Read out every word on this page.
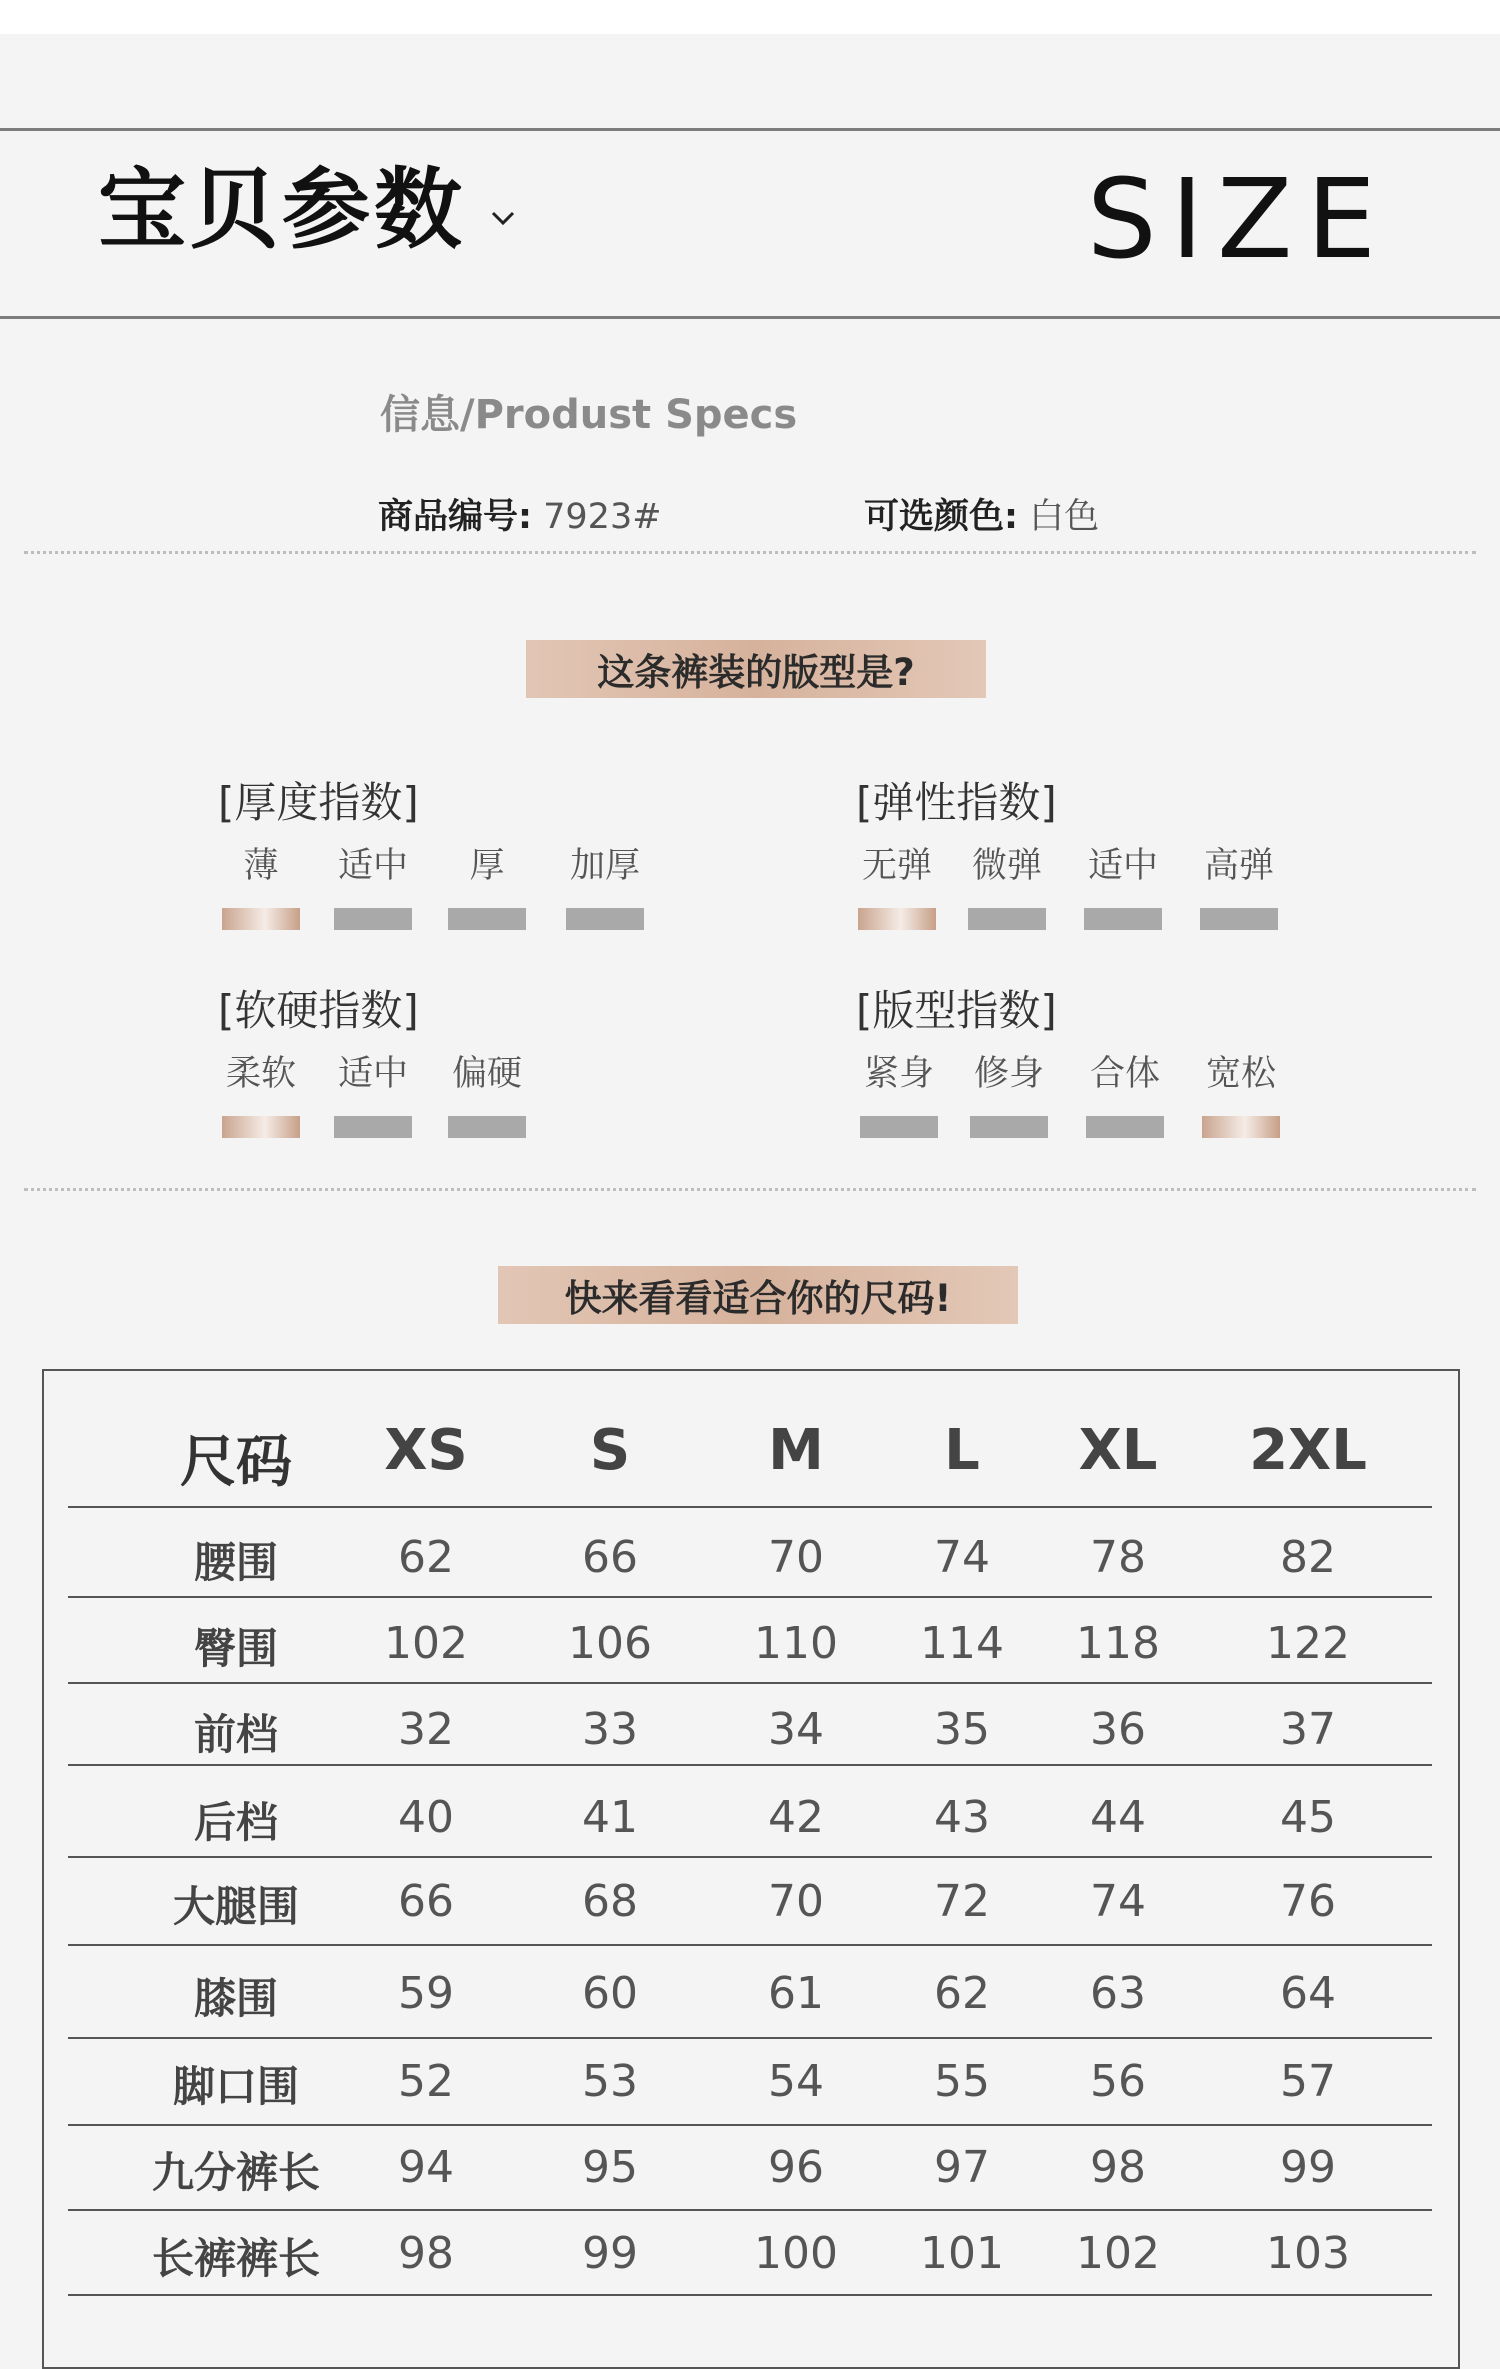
宝贝参数	SIZE
信息/Produst Specs
商品编号: 7923#	可选颜色: 白色
这条裤装的版型是?
[厚度指数]
薄	适中	厚	加厚
[弹性指数]
无弹	微弹	适中	高弹
[软硬指数]
柔软	适中	偏硬
[版型指数]
紧身	修身	合体	宽松
快来看看适合你的尺码!
尺码	XS	S	M	L	XL	2XL
腰围	62	66	70	74	78	82
臀围	102	106	110	114	118	122
前档	32	33	34	35	36	37
后档	40	41	42	43	44	45
大腿围	66	68	70	72	74	76
膝围	59	60	61	62	63	64
脚口围	52	53	54	55	56	57
九分裤长	94	95	96	97	98	99
长裤裤长	98	99	100	101	102	103
